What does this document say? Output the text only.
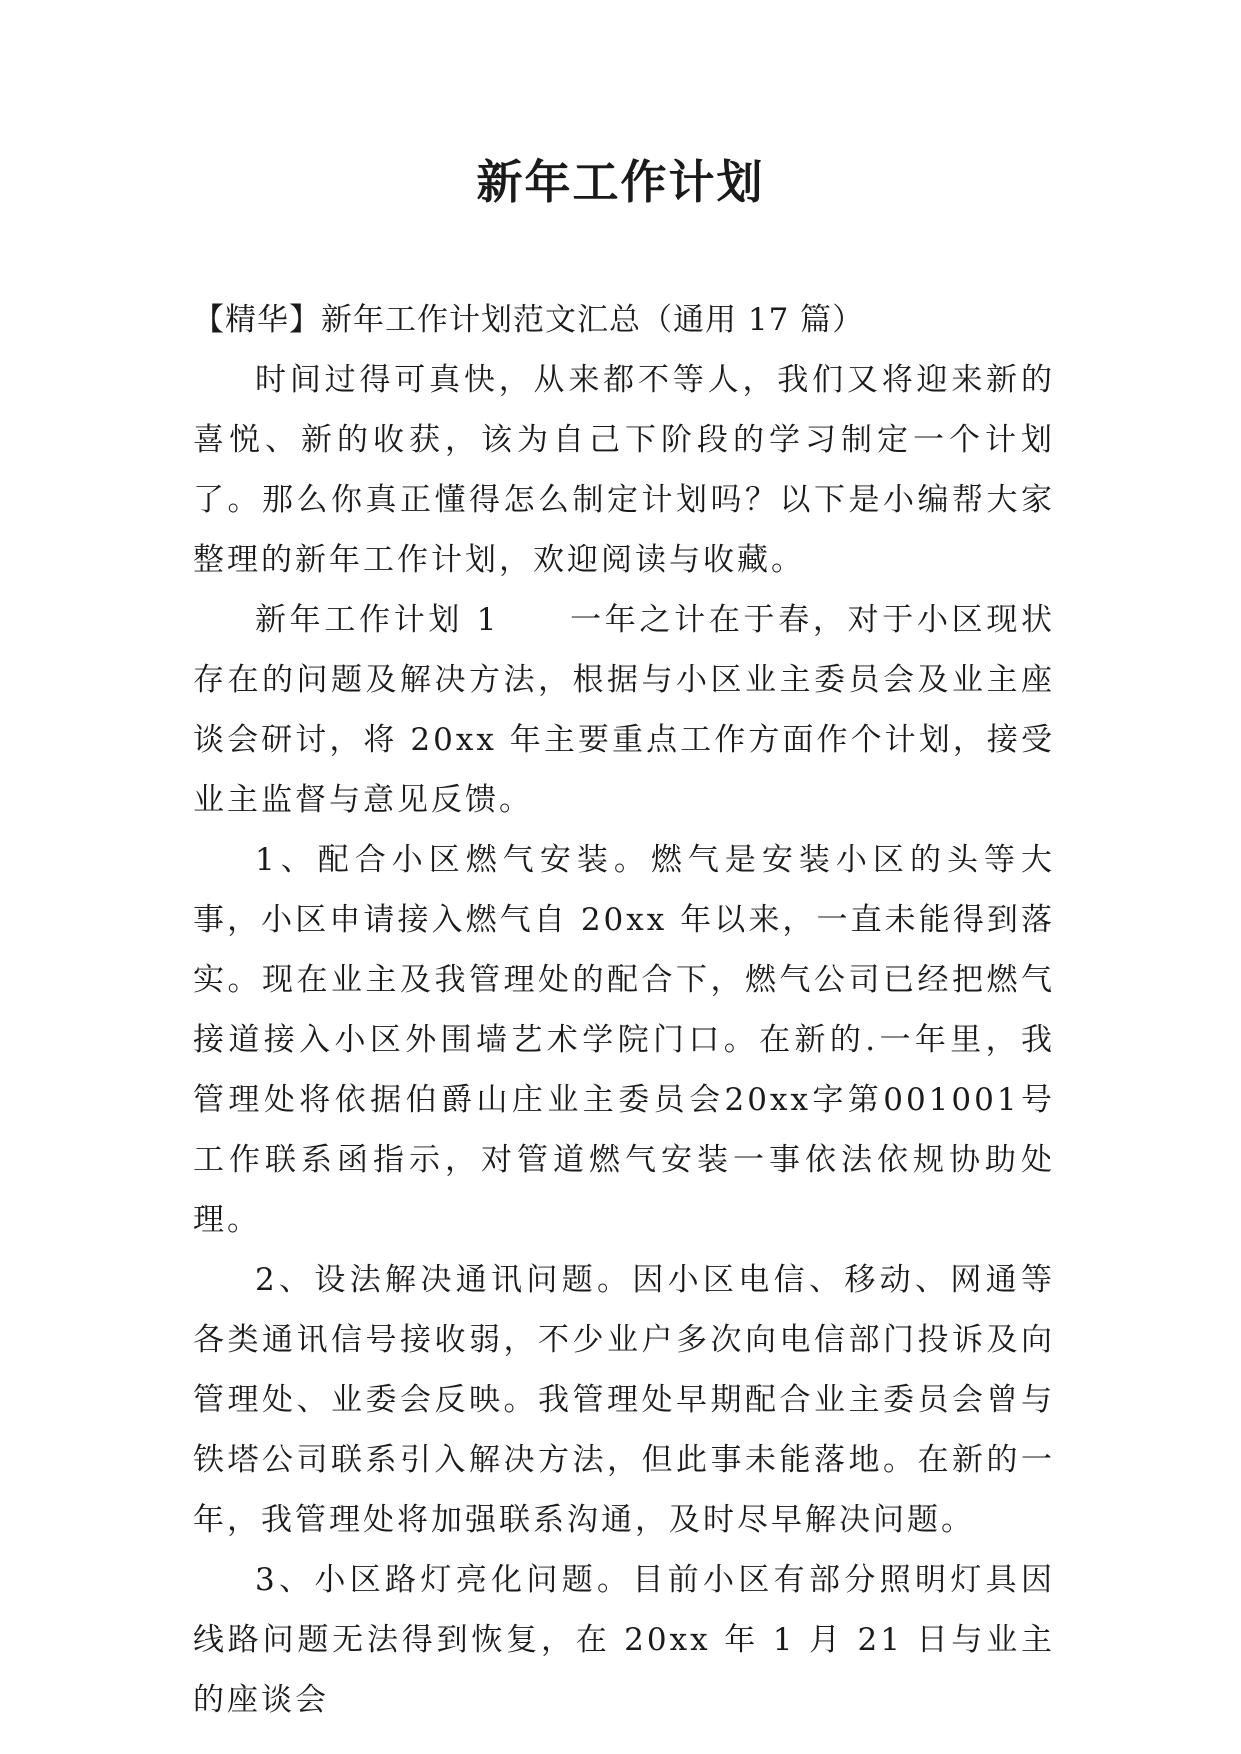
新年工作计划

【精华】新年工作计划范文汇总（通用 17 篇）

时间过得可真快，从来都不等人，我们又将迎来新的喜悦、新的收获，该为自己下阶段的学习制定一个计划了。那么你真正懂得怎么制定计划吗？以下是小编帮大家整理的新年工作计划，欢迎阅读与收藏。

新年工作计划 1 一年之计在于春，对于小区现状存在的问题及解决方法，根据与小区业主委员会及业主座谈会研讨，将 20xx 年主要重点工作方面作个计划，接受业主监督与意见反馈。

1、配合小区燃气安装。燃气是安装小区的头等大事，小区申请接入燃气自 20xx 年以来，一直未能得到落实。现在业主及我管理处的配合下，燃气公司已经把燃气接道接入小区外围墙艺术学院门口。在新的.一年里，我管理处将依据伯爵山庄业主委员会20xx字第001001号工作联系函指示，对管道燃气安装一事依法依规协助处理。

2、设法解决通讯问题。因小区电信、移动、网通等各类通讯信号接收弱，不少业户多次向电信部门投诉及向管理处、业委会反映。我管理处早期配合业主委员会曾与铁塔公司联系引入解决方法，但此事未能落地。在新的一年，我管理处将加强联系沟通，及时尽早解决问题。

3、小区路灯亮化问题。目前小区有部分照明灯具因线路问题无法得到恢复，在 20xx 年 1 月 21 日与业主的座谈会
